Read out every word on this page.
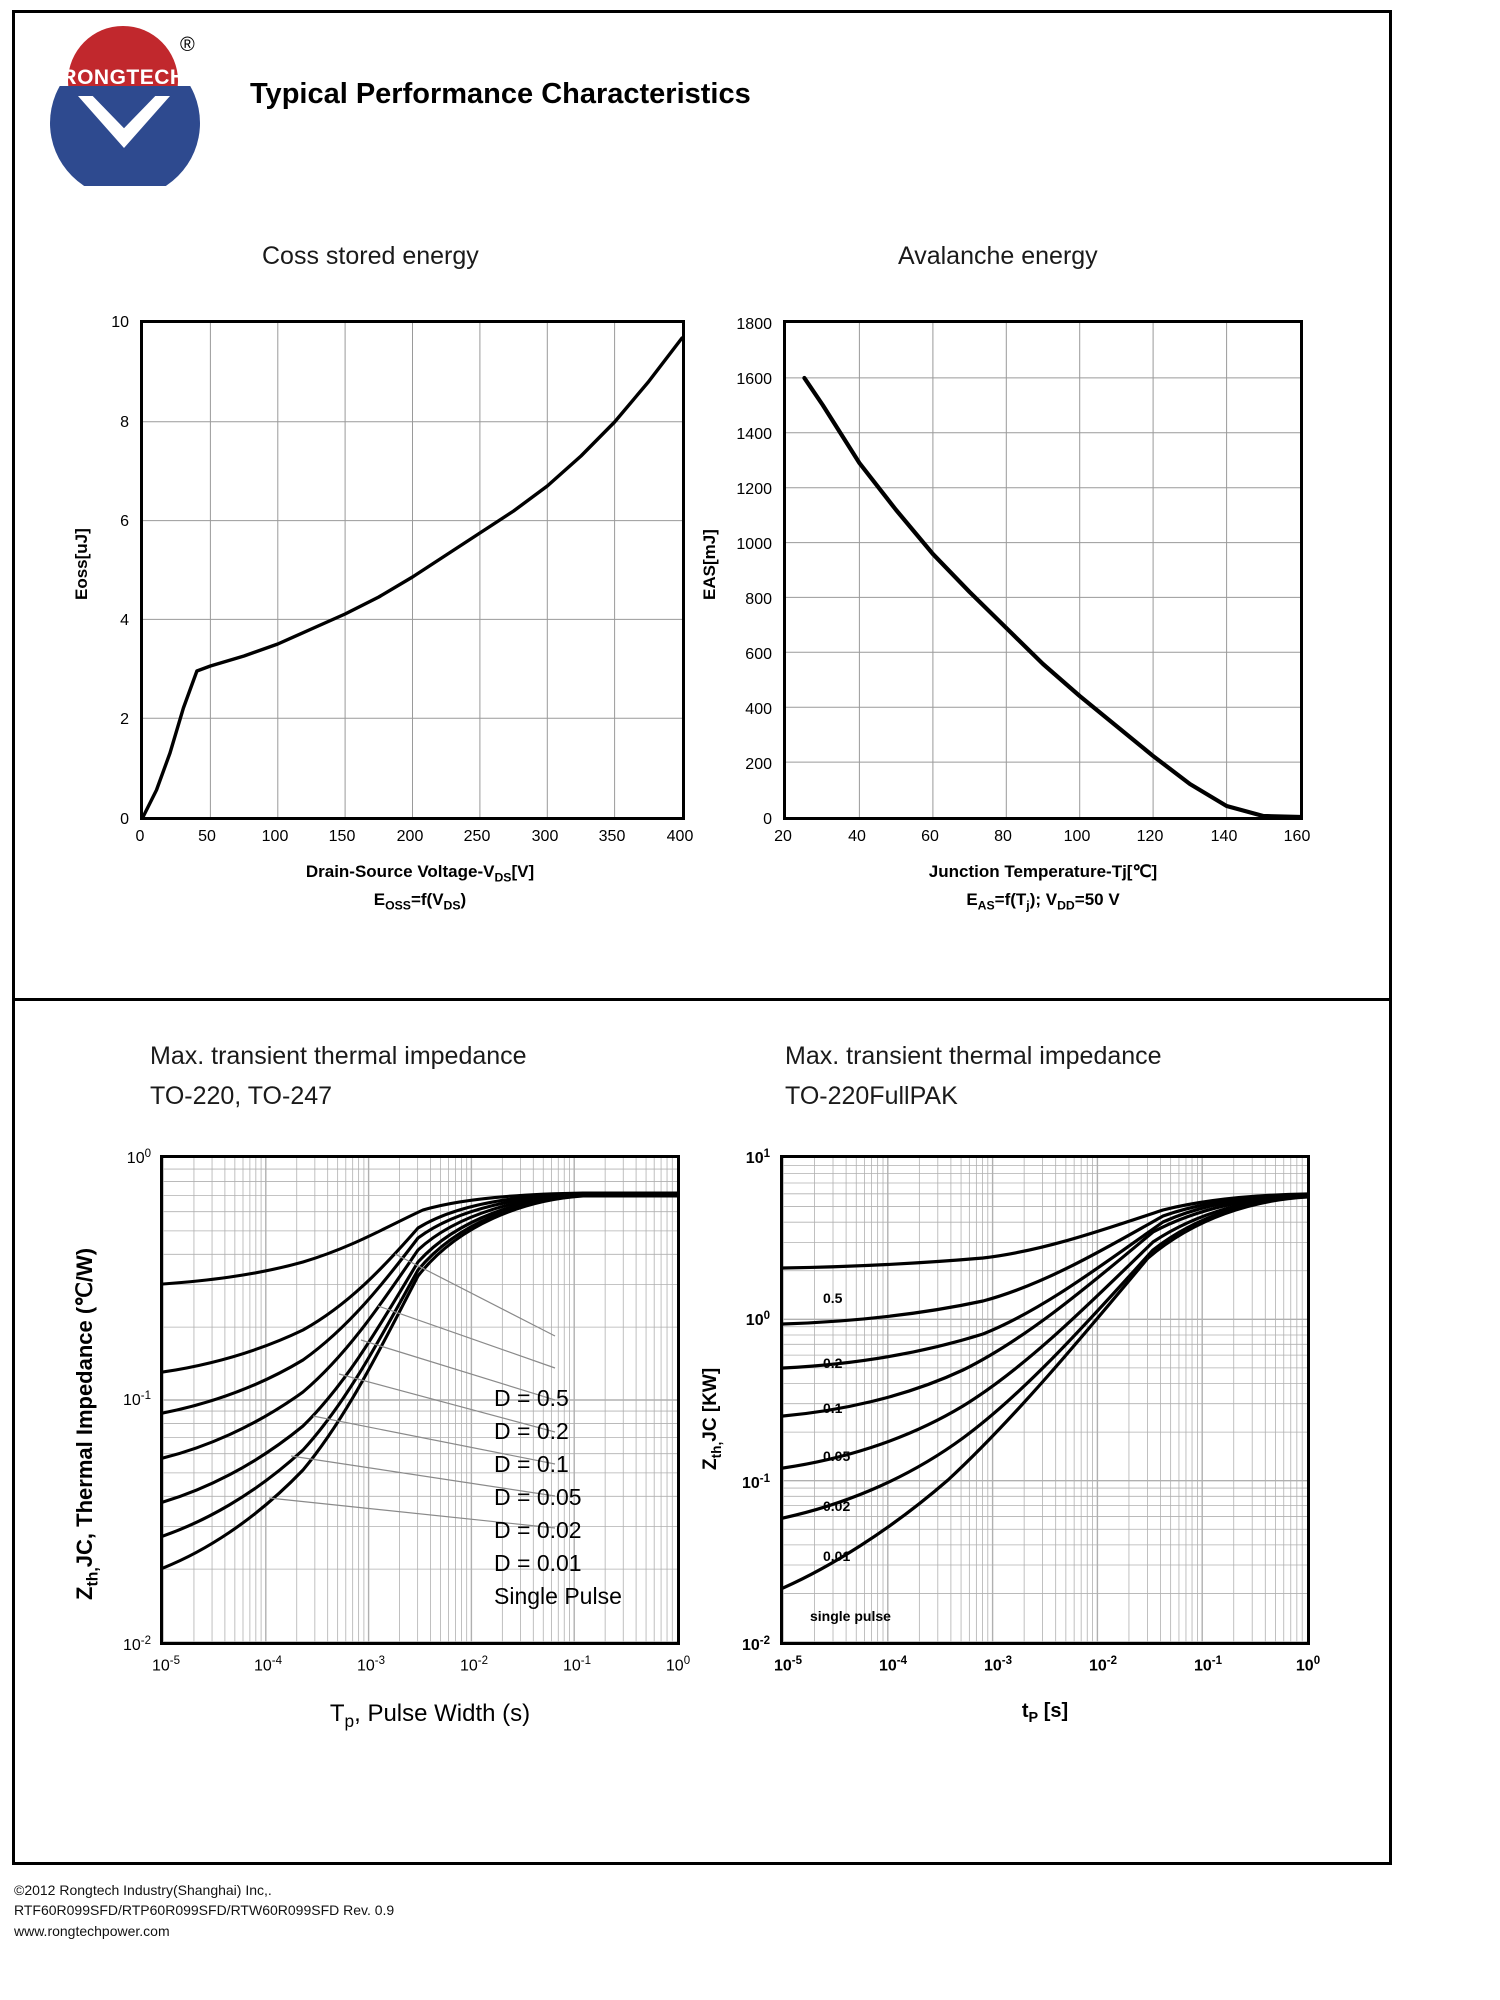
RONGTECH
®
Typical Performance Characteristics
Coss stored energy
0	50	100	150	200	250	300	350	400
0
2
4
6
8
10
Eoss[uJ]
Drain-Source Voltage-$V_{DS}[V]$
$E_{OSS}=f(V_{DS})$
Avalanche energy
20	40	60	80	100	120	140	160
0
200
400
600
800
1000
1200
1400
1600
1800
EAS[mJ]
Junction Temperature-Tj[℃]
$E_{AS}=f(T_j)$; $V_{DD}=50$ V
Max. transient thermal impedance
TO-220, TO-247
$10^{-5}$	$10^{-4}$	$10^{-3}$	$10^{-2}$	$10^{-1}$	$10^0$
$10^{-2}$
$10^{-1}$
$10^0$
$Z_{th,}JC$, Thermal Impedance (℃/W)
$T_p$, Pulse Width (s)
D = 0.5
D = 0.2
D = 0.1
D = 0.05
D = 0.02
D = 0.01
Single Pulse
Max. transient thermal impedance
TO-220FullPAK
0.5
0.2
0.1
0.05
0.02
0.01
single pulse
$10^{-5}$	$10^{-4}$	$10^{-3}$	$10^{-2}$	$10^{-1}$	$10^0$
$10^{-2}$
$10^{-1}$
$10^0$
$10^1$
$Z_{th,}JC$ [KW]
$t_P$ [s]
©2012 Rongtech Industry(Shanghai) Inc,.
RTF60R099SFD/RTP60R099SFD/RTW60R099SFD Rev. 0.9
www.rongtechpower.com
